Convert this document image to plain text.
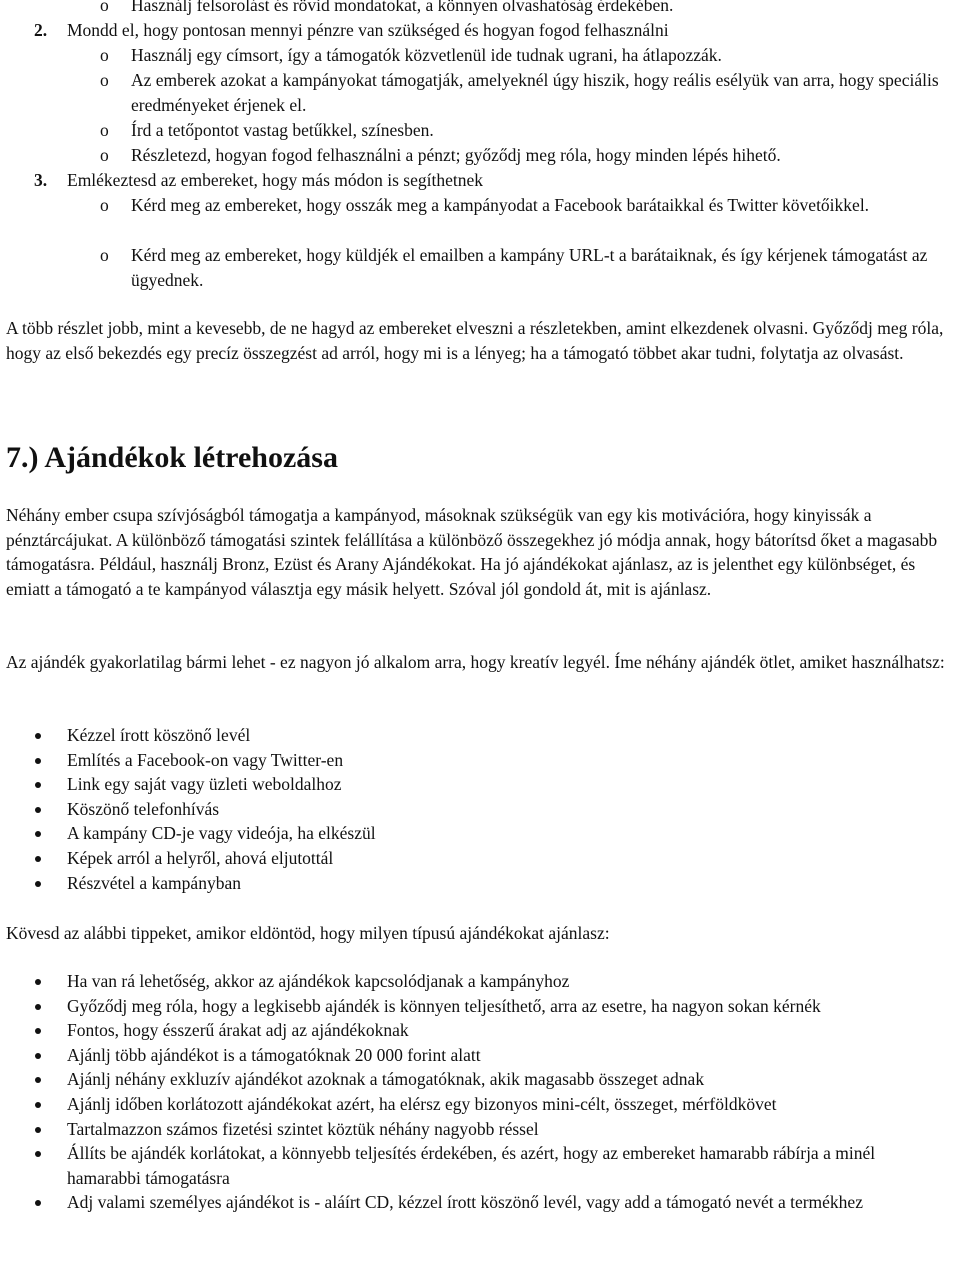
o Használj felsorolást és rövid mondatokat, a könnyen olvashatóság érdekében.
2. Mondd el, hogy pontosan mennyi pénzre van szükséged és hogyan fogod felhasználni
o Használj egy címsort, így a támogatók közvetlenül ide tudnak ugrani, ha átlapozzák.
o Az emberek azokat a kampányokat támogatják, amelyeknél úgy hiszik, hogy reális esélyük van arra, hogy speciális eredményeket érjenek el.
o Írd a tetőpontot vastag betűkkel, színesben.
o Részletezd, hogyan fogod felhasználni a pénzt; győződj meg róla, hogy minden lépés hihető.
3. Emlékeztesd az embereket, hogy más módon is segíthetnek
o Kérd meg az embereket, hogy osszák meg a kampányodat a Facebook barátaikkal és Twitter követőikkel.
o Kérd meg az embereket, hogy küldjék el emailben a kampány URL-t a barátaiknak, és így kérjenek támogatást az ügyednek.
A több részlet jobb, mint a kevesebb, de ne hagyd az embereket elveszni a részletekben, amint elkezdenek olvasni. Győződj meg róla, hogy az első bekezdés egy precíz összegzést ad arról, hogy mi is a lényeg; ha a támogató többet akar tudni, folytatja az olvasást.
7.) Ajándékok létrehozása
Néhány ember csupa szívjóságból támogatja a kampányod, másoknak szükségük van egy kis motivációra, hogy kinyissák a pénztárcájukat. A különböző támogatási szintek felállítása a különböző összegekhez jó módja annak, hogy bátorítsd őket a magasabb támogatásra. Például, használj Bronz, Ezüst és Arany Ajándékokat. Ha jó ajándékokat ajánlasz, az is jelenthet egy különbséget, és emiatt a támogató a te kampányod választja egy másik helyett. Szóval jól gondold át, mit is ajánlasz.
Az ajándék gyakorlatilag bármi lehet - ez nagyon jó alkalom arra, hogy kreatív legyél. Íme néhány ajándék ötlet, amiket használhatsz:
Kézzel írott köszönő levél
Említés a Facebook-on vagy Twitter-en
Link egy saját vagy üzleti weboldalhoz
Köszönő telefonhívás
A kampány CD-je vagy videója, ha elkészül
Képek arról a helyről, ahová eljutottál
Részvétel a kampányban
Kövesd az alábbi tippeket, amikor eldöntöd, hogy milyen típusú ajándékokat ajánlasz:
Ha van rá lehetőség, akkor az ajándékok kapcsolódjanak a kampányhoz
Győződj meg róla, hogy a legkisebb ajándék is könnyen teljesíthető, arra az esetre, ha nagyon sokan kérnék
Fontos, hogy ésszerű árakat adj az ajándékoknak
Ajánlj több ajándékot is a támogatóknak 20 000 forint alatt
Ajánlj néhány exkluzív ajándékot azoknak a támogatóknak, akik magasabb összeget adnak
Ajánlj időben korlátozott ajándékokat azért, ha elérsz egy bizonyos mini-célt, összeget, mérföldkövet
Tartalmazzon számos fizetési szintet köztük néhány nagyobb réssel
Állíts be ajándék korlátokat, a könnyebb teljesítés érdekében, és azért, hogy az embereket hamarabb rábírja a minél hamarabbi támogatásra
Adj valami személyes ajándékot is - aláírt CD, kézzel írott köszönő levél, vagy add a támogató nevét a termékhez
